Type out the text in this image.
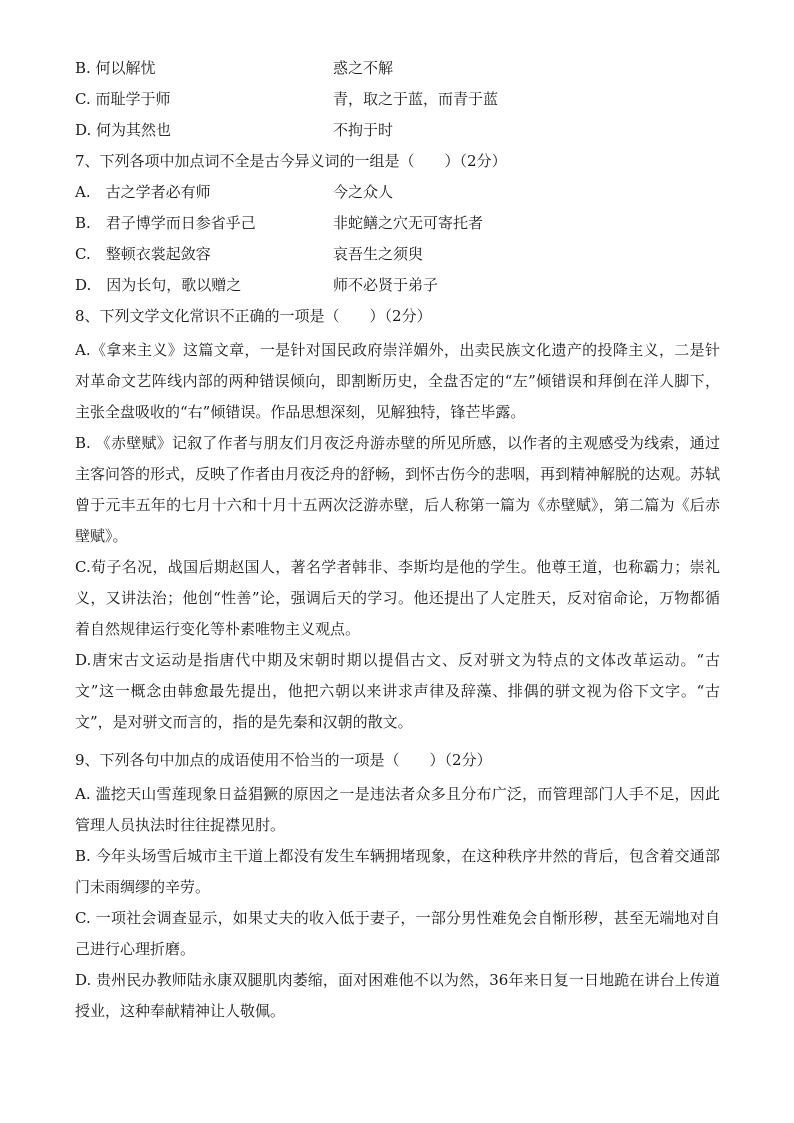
B. 何以解忧	惑之不解
C. 而耻学于师	青，取之于蓝，而青于蓝
D. 何为其然也	不拘于时
7、下列各项中加点词不全是古今异义词的一组是（　　）（2分）
A.　古之学者必有师	今之众人
B.　君子博学而日参省乎己	非蛇鳝之穴无可寄托者
C.　整顿衣裳起敛容	哀吾生之须臾
D.　因为长句，歌以赠之	师不必贤于弟子
8、下列文学文化常识不正确的一项是（　　）（2分）

A.《拿来主义》这篇文章，一是针对国民政府崇洋媚外，出卖民族文化遗产的投降主义，二是针对革命文艺阵线内部的两种错误倾向，即割断历史，全盘否定的“左”倾错误和拜倒在洋人脚下，主张全盘吸收的“右”倾错误。作品思想深刻，见解独特，锋芒毕露。

B. 《赤壁赋》记叙了作者与朋友们月夜泛舟游赤壁的所见所感，以作者的主观感受为线索，通过主客问答的形式，反映了作者由月夜泛舟的舒畅，到怀古伤今的悲咽，再到精神解脱的达观。苏轼曾于元丰五年的七月十六和十月十五两次泛游赤壁，后人称第一篇为《赤壁赋》，第二篇为《后赤壁赋》。

C.荀子名况，战国后期赵国人，著名学者韩非、李斯均是他的学生。他尊王道，也称霸力；崇礼义，又讲法治；他创“性善”论，强调后天的学习。他还提出了人定胜天，反对宿命论，万物都循着自然规律运行变化等朴素唯物主义观点。

D.唐宋古文运动是指唐代中期及宋朝时期以提倡古文、反对骈文为特点的文体改革运动。“古文”这一概念由韩愈最先提出，他把六朝以来讲求声律及辞藻、排偶的骈文视为俗下文字。“古文”，是对骈文而言的，指的是先秦和汉朝的散文。

9、下列各句中加点的成语使用不恰当的一项是（　　）（2分）

A. 滥挖天山雪莲现象日益猖獗的原因之一是违法者众多且分布广泛，而管理部门人手不足，因此管理人员执法时往往捉襟见肘。

B. 今年头场雪后城市主干道上都没有发生车辆拥堵现象，在这种秩序井然的背后，包含着交通部门未雨绸缪的辛劳。

C. 一项社会调查显示，如果丈夫的收入低于妻子，一部分男性难免会自惭形秽，甚至无端地对自己进行心理折磨。

D. 贵州民办教师陆永康双腿肌肉萎缩，面对困难他不以为然，36年来日复一日地跪在讲台上传道授业，这种奉献精神让人敬佩。
